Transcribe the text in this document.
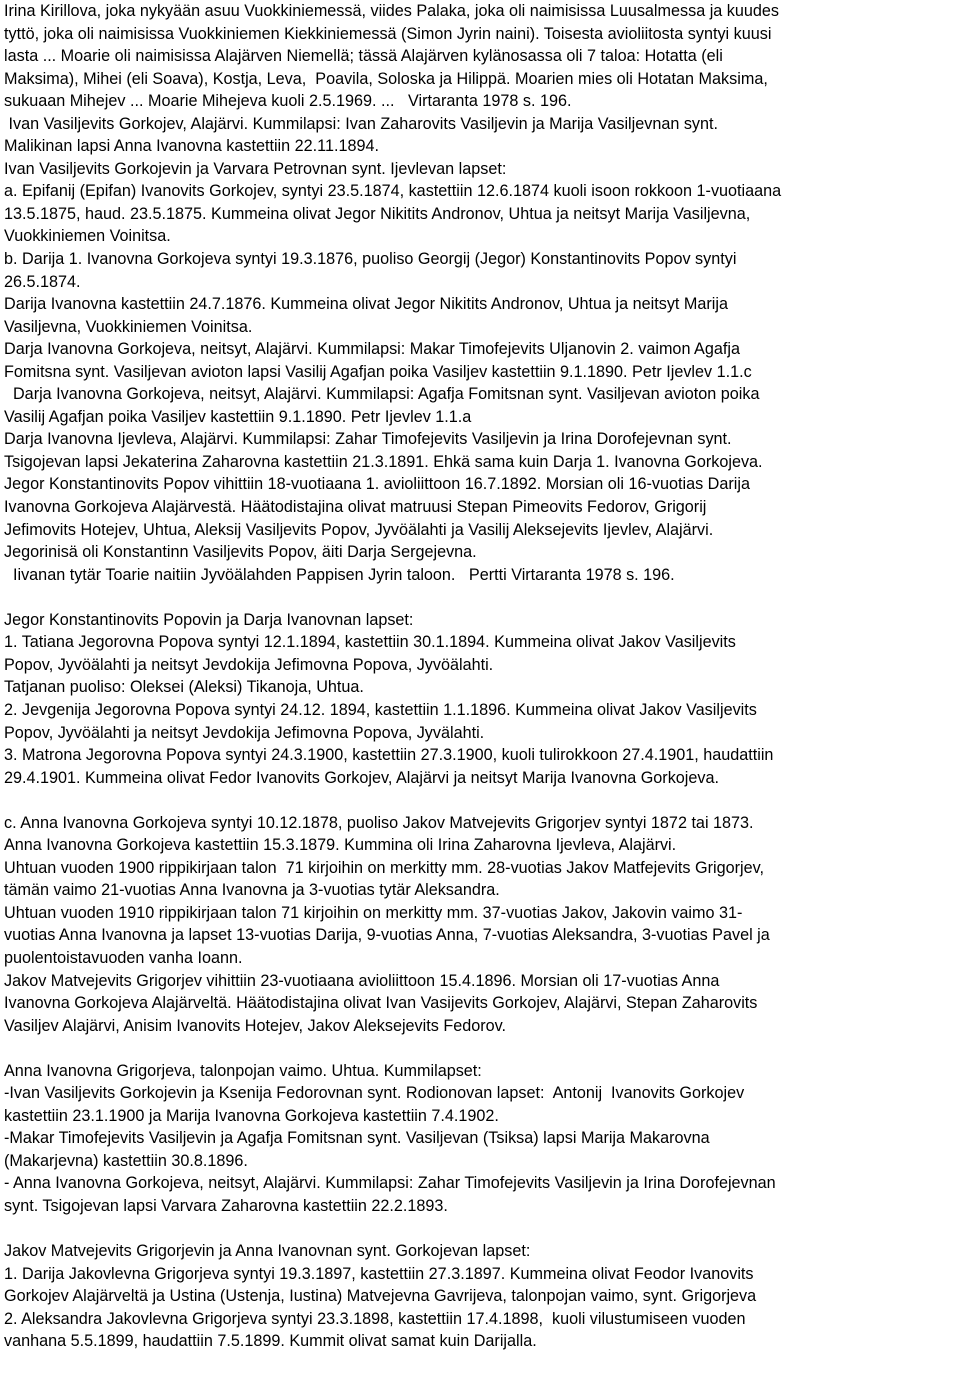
Irina Kirillova, joka nykyään asuu Vuokkiniemessä, viides Palaka, joka oli naimisissa Luusalmessa ja kuudes
tyttö, joka oli naimisissa Vuokkiniemen Kiekkiniemessä (Simon Jyrin naini). Toisesta avioliitosta syntyi kuusi
lasta ... Moarie oli naimisissa Alajärven Niemellä; tässä Alajärven kylänosassa oli 7 taloa: Hotatta (eli
Maksima), Mihei (eli Soava), Kostja, Leva,  Poavila, Soloska ja Hilippä. Moarien mies oli Hotatan Maksima,
sukuaan Mihejev ... Moarie Mihejeva kuoli 2.5.1969. ...   Virtaranta 1978 s. 196.
Ivan Vasiljevits Gorkojev, Alajärvi. Kummilapsi: Ivan Zaharovits Vasiljevin ja Marija Vasiljevnan synt.
Malikinan lapsi Anna Ivanovna kastettiin 22.11.1894.
Ivan Vasiljevits Gorkojevin ja Varvara Petrovnan synt. Ijevlevan lapset:
a. Epifanij (Epifan) Ivanovits Gorkojev, syntyi 23.5.1874, kastettiin 12.6.1874 kuoli isoon rokkoon 1-vuotiaana
13.5.1875, haud. 23.5.1875. Kummeina olivat Jegor Nikitits Andronov, Uhtua ja neitsyt Marija Vasiljevna,
Vuokkiniemen Voinitsa.
b. Darija 1. Ivanovna Gorkojeva syntyi 19.3.1876, puoliso Georgij (Jegor) Konstantinovits Popov syntyi
26.5.1874.
Darija Ivanovna kastettiin 24.7.1876. Kummeina olivat Jegor Nikitits Andronov, Uhtua ja neitsyt Marija
Vasiljevna, Vuokkiniemen Voinitsa.
Darja Ivanovna Gorkojeva, neitsyt, Alajärvi. Kummilapsi: Makar Timofejevits Uljanovin 2. vaimon Agafja
Fomitsna synt. Vasiljevan avioton lapsi Vasilij Agafjan poika Vasiljev kastettiin 9.1.1890. Petr Ijevlev 1.1.c
Darja Ivanovna Gorkojeva, neitsyt, Alajärvi. Kummilapsi: Agafja Fomitsnan synt. Vasiljevan avioton poika
Vasilij Agafjan poika Vasiljev kastettiin 9.1.1890. Petr Ijevlev 1.1.a
Darja Ivanovna Ijevleva, Alajärvi. Kummilapsi: Zahar Timofejevits Vasiljevin ja Irina Dorofejevnan synt.
Tsigojevan lapsi Jekaterina Zaharovna kastettiin 21.3.1891. Ehkä sama kuin Darja 1. Ivanovna Gorkojeva.
Jegor Konstantinovits Popov vihittiin 18-vuotiaana 1. avioliittoon 16.7.1892. Morsian oli 16-vuotias Darija
Ivanovna Gorkojeva Alajärvestä. Häätodistajina olivat matruusi Stepan Pimeovits Fedorov, Grigorij
Jefimovits Hotejev, Uhtua, Aleksij Vasiljevits Popov, Jyvöälahti ja Vasilij Aleksejevits Ijevlev, Alajärvi.
Jegorinisä oli Konstantinn Vasiljevits Popov, äiti Darja Sergejevna.
Iivanan tytär Toarie naitiin Jyvöälahden Pappisen Jyrin taloon.   Pertti Virtaranta 1978 s. 196.
Jegor Konstantinovits Popovin ja Darja Ivanovnan lapset:
1. Tatiana Jegorovna Popova syntyi 12.1.1894, kastettiin 30.1.1894. Kummeina olivat Jakov Vasiljevits
Popov, Jyvöälahti ja neitsyt Jevdokija Jefimovna Popova, Jyvöälahti.
Tatjanan puoliso: Oleksei (Aleksi) Tikanoja, Uhtua.
2. Jevgenija Jegorovna Popova syntyi 24.12. 1894, kastettiin 1.1.1896. Kummeina olivat Jakov Vasiljevits
Popov, Jyvöälahti ja neitsyt Jevdokija Jefimovna Popova, Jyvälahti.
3. Matrona Jegorovna Popova syntyi 24.3.1900, kastettiin 27.3.1900, kuoli tulirokkoon 27.4.1901, haudattiin
29.4.1901. Kummeina olivat Fedor Ivanovits Gorkojev, Alajärvi ja neitsyt Marija Ivanovna Gorkojeva.
c. Anna Ivanovna Gorkojeva syntyi 10.12.1878, puoliso Jakov Matvejevits Grigorjev syntyi 1872 tai 1873.
Anna Ivanovna Gorkojeva kastettiin 15.3.1879. Kummina oli Irina Zaharovna Ijevleva, Alajärvi.
Uhtuan vuoden 1900 rippikirjaan talon  71 kirjoihin on merkitty mm. 28-vuotias Jakov Matfejevits Grigorjev,
tämän vaimo 21-vuotias Anna Ivanovna ja 3-vuotias tytär Aleksandra.
Uhtuan vuoden 1910 rippikirjaan talon 71 kirjoihin on merkitty mm. 37-vuotias Jakov, Jakovin vaimo 31-
vuotias Anna Ivanovna ja lapset 13-vuotias Darija, 9-vuotias Anna, 7-vuotias Aleksandra, 3-vuotias Pavel ja
puolentoistavuoden vanha Ioann.
Jakov Matvejevits Grigorjev vihittiin 23-vuotiaana avioliittoon 15.4.1896. Morsian oli 17-vuotias Anna
Ivanovna Gorkojeva Alajärveltä. Häätodistajina olivat Ivan Vasijevits Gorkojev, Alajärvi, Stepan Zaharovits
Vasiljev Alajärvi, Anisim Ivanovits Hotejev, Jakov Aleksejevits Fedorov.
Anna Ivanovna Grigorjeva, talonpojan vaimo. Uhtua. Kummilapset:
-Ivan Vasiljevits Gorkojevin ja Ksenija Fedorovnan synt. Rodionovan lapset:  Antonij  Ivanovits Gorkojev
kastettiin 23.1.1900 ja Marija Ivanovna Gorkojeva kastettiin 7.4.1902.
-Makar Timofejevits Vasiljevin ja Agafja Fomitsnan synt. Vasiljevan (Tsiksa) lapsi Marija Makarovna
(Makarjevna) kastettiin 30.8.1896.
- Anna Ivanovna Gorkojeva, neitsyt, Alajärvi. Kummilapsi: Zahar Timofejevits Vasiljevin ja Irina Dorofejevnan
synt. Tsigojevan lapsi Varvara Zaharovna kastettiin 22.2.1893.
Jakov Matvejevits Grigorjevin ja Anna Ivanovnan synt. Gorkojevan lapset:
1. Darija Jakovlevna Grigorjeva syntyi 19.3.1897, kastettiin 27.3.1897. Kummeina olivat Feodor Ivanovits
Gorkojev Alajärveltä ja Ustina (Ustenja, Iustina) Matvejevna Gavrijeva, talonpojan vaimo, synt. Grigorjeva
2. Aleksandra Jakovlevna Grigorjeva syntyi 23.3.1898, kastettiin 17.4.1898,  kuoli vilustumiseen vuoden
vanhana 5.5.1899, haudattiin 7.5.1899. Kummit olivat samat kuin Darijalla.
